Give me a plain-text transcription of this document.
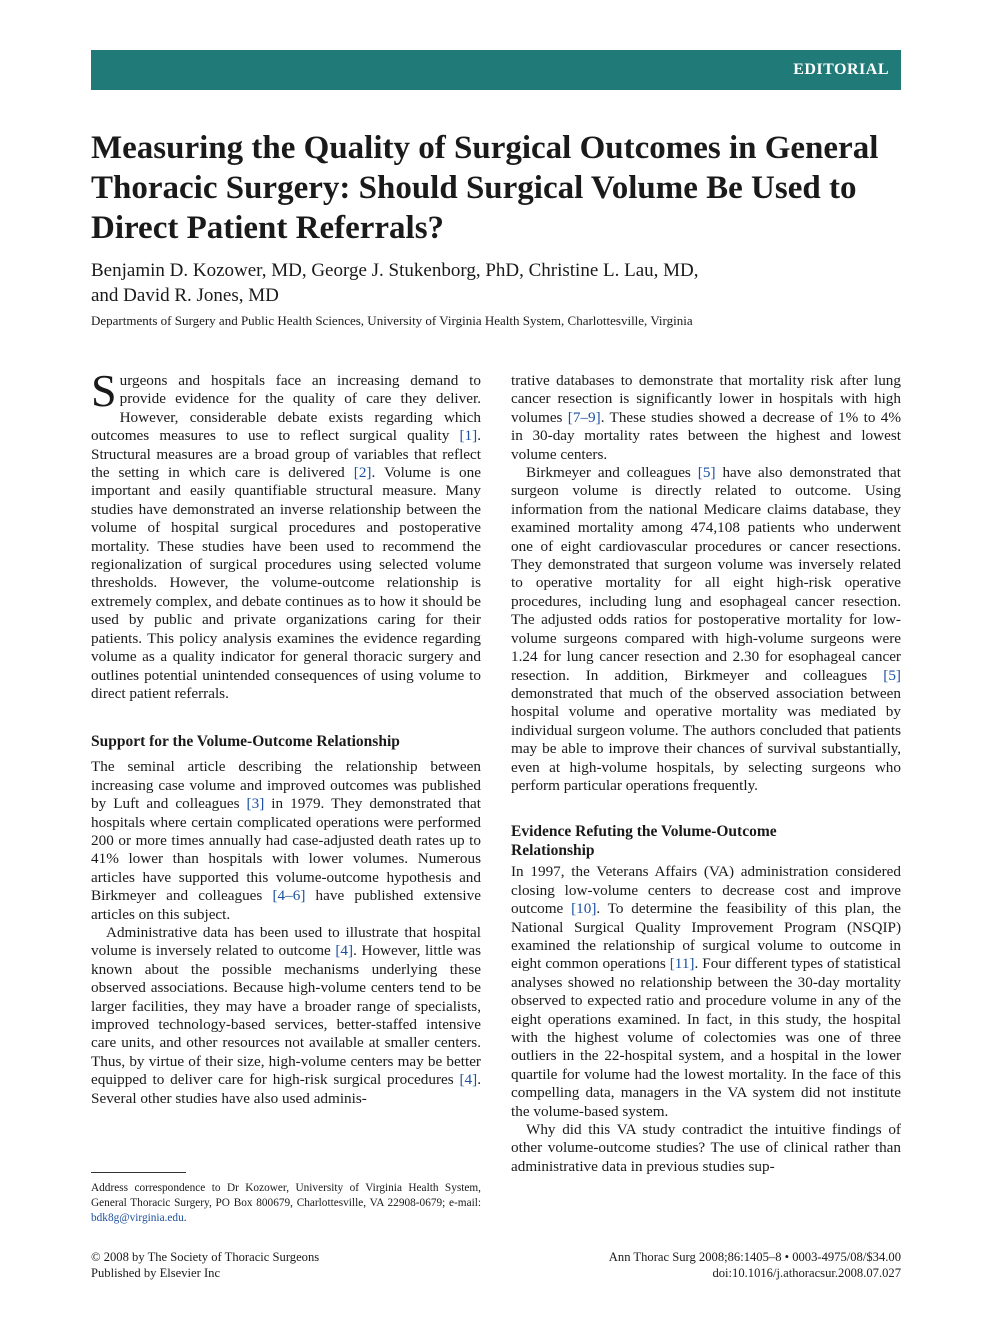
EDITORIAL
Measuring the Quality of Surgical Outcomes in General Thoracic Surgery: Should Surgical Volume Be Used to Direct Patient Referrals?
Benjamin D. Kozower, MD, George J. Stukenborg, PhD, Christine L. Lau, MD,
and David R. Jones, MD

Departments of Surgery and Public Health Sciences, University of Virginia Health System, Charlottesville, Virginia

Surgeons and hospitals face an increasing demand to provide evidence for the quality of care they deliver. However, considerable debate exists regarding which outcomes measures to use to reflect surgical quality [1]. Structural measures are a broad group of variables that reflect the setting in which care is delivered [2]. Volume is one important and easily quantifiable structural measure. Many studies have demonstrated an inverse relationship between the volume of hospital surgical procedures and postoperative mortality. These studies have been used to recommend the regionalization of surgical procedures using selected volume thresholds. However, the volume-outcome relationship is extremely complex, and debate continues as to how it should be used by public and private organizations caring for their patients. This policy analysis examines the evidence regarding volume as a quality indicator for general thoracic surgery and outlines potential unintended consequences of using volume to direct patient referrals.

Support for the Volume-Outcome Relationship

The seminal article describing the relationship between increasing case volume and improved outcomes was published by Luft and colleagues [3] in 1979. They demonstrated that hospitals where certain complicated operations were performed 200 or more times annually had case-adjusted death rates up to 41% lower than hospitals with lower volumes. Numerous articles have supported this volume-outcome hypothesis and Birkmeyer and colleagues [4–6] have published extensive articles on this subject.

Administrative data has been used to illustrate that hospital volume is inversely related to outcome [4]. However, little was known about the possible mechanisms underlying these observed associations. Because high-volume centers tend to be larger facilities, they may have a broader range of specialists, improved technology-based services, better-staffed intensive care units, and other resources not available at smaller centers. Thus, by virtue of their size, high-volume centers may be better equipped to deliver care for high-risk surgical procedures [4]. Several other studies have also used adminis-

trative databases to demonstrate that mortality risk after lung cancer resection is significantly lower in hospitals with high volumes [7–9]. These studies showed a decrease of 1% to 4% in 30-day mortality rates between the highest and lowest volume centers.

Birkmeyer and colleagues [5] have also demonstrated that surgeon volume is directly related to outcome. Using information from the national Medicare claims database, they examined mortality among 474,108 patients who underwent one of eight cardiovascular procedures or cancer resections. They demonstrated that surgeon volume was inversely related to operative mortality for all eight high-risk operative procedures, including lung and esophageal cancer resection. The adjusted odds ratios for postoperative mortality for low-volume surgeons compared with high-volume surgeons were 1.24 for lung cancer resection and 2.30 for esophageal cancer resection. In addition, Birkmeyer and colleagues [5] demonstrated that much of the observed association between hospital volume and operative mortality was mediated by individual surgeon volume. The authors concluded that patients may be able to improve their chances of survival substantially, even at high-volume hospitals, by selecting surgeons who perform particular operations frequently.

Evidence Refuting the Volume-Outcome Relationship

In 1997, the Veterans Affairs (VA) administration considered closing low-volume centers to decrease cost and improve outcome [10]. To determine the feasibility of this plan, the National Surgical Quality Improvement Program (NSQIP) examined the relationship of surgical volume to outcome in eight common operations [11]. Four different types of statistical analyses showed no relationship between the 30-day mortality observed to expected ratio and procedure volume in any of the eight operations examined. In fact, in this study, the hospital with the highest volume of colectomies was one of three outliers in the 22-hospital system, and a hospital in the lower quartile for volume had the lowest mortality. In the face of this compelling data, managers in the VA system did not institute the volume-based system.

Why did this VA study contradict the intuitive findings of other volume-outcome studies? The use of clinical rather than administrative data in previous studies sup-

Address correspondence to Dr Kozower, University of Virginia Health System, General Thoracic Surgery, PO Box 800679, Charlottesville, VA 22908-0679; e-mail: bdk8g@virginia.edu.

© 2008 by The Society of Thoracic Surgeons
Published by Elsevier Inc
Ann Thorac Surg 2008;86:1405–8 • 0003-4975/08/$34.00
doi:10.1016/j.athoracsur.2008.07.027
